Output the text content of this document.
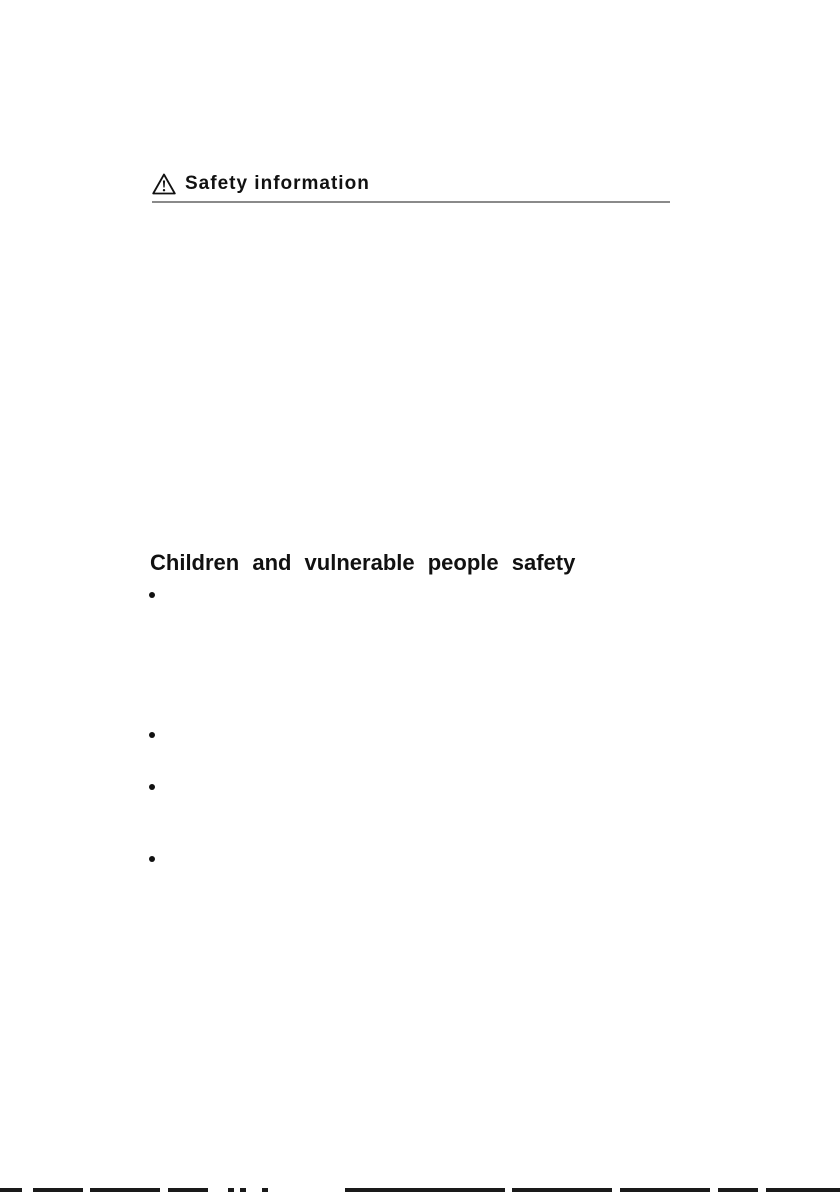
Safety information
Children and vulnerable people safety
